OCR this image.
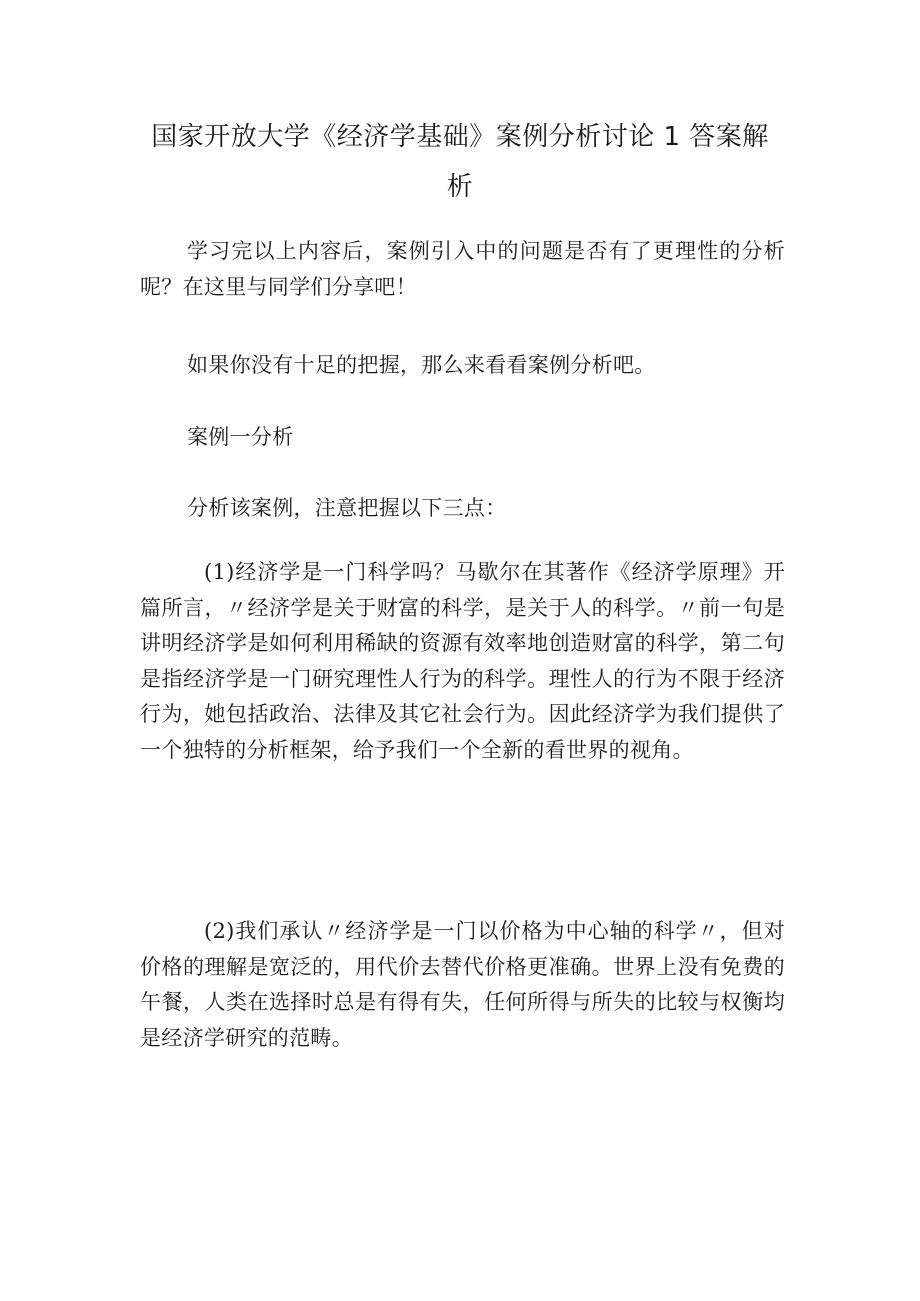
国家开放大学《经济学基础》案例分析讨论 1 答案解析

学习完以上内容后，案例引入中的问题是否有了更理性的分析呢？在这里与同学们分享吧！

如果你没有十足的把握，那么来看看案例分析吧。

案例一分析

分析该案例，注意把握以下三点：

(1)经济学是一门科学吗？马歇尔在其著作《经济学原理》开篇所言，〃经济学是关于财富的科学，是关于人的科学。〃前一句是讲明经济学是如何利用稀缺的资源有效率地创造财富的科学，第二句是指经济学是一门研究理性人行为的科学。理性人的行为不限于经济行为，她包括政治、法律及其它社会行为。因此经济学为我们提供了一个独特的分析框架，给予我们一个全新的看世界的视角。

(2)我们承认〃经济学是一门以价格为中心轴的科学〃，但对价格的理解是宽泛的，用代价去替代价格更准确。世界上没有免费的午餐，人类在选择时总是有得有失，任何所得与所失的比较与权衡均是经济学研究的范畴。
